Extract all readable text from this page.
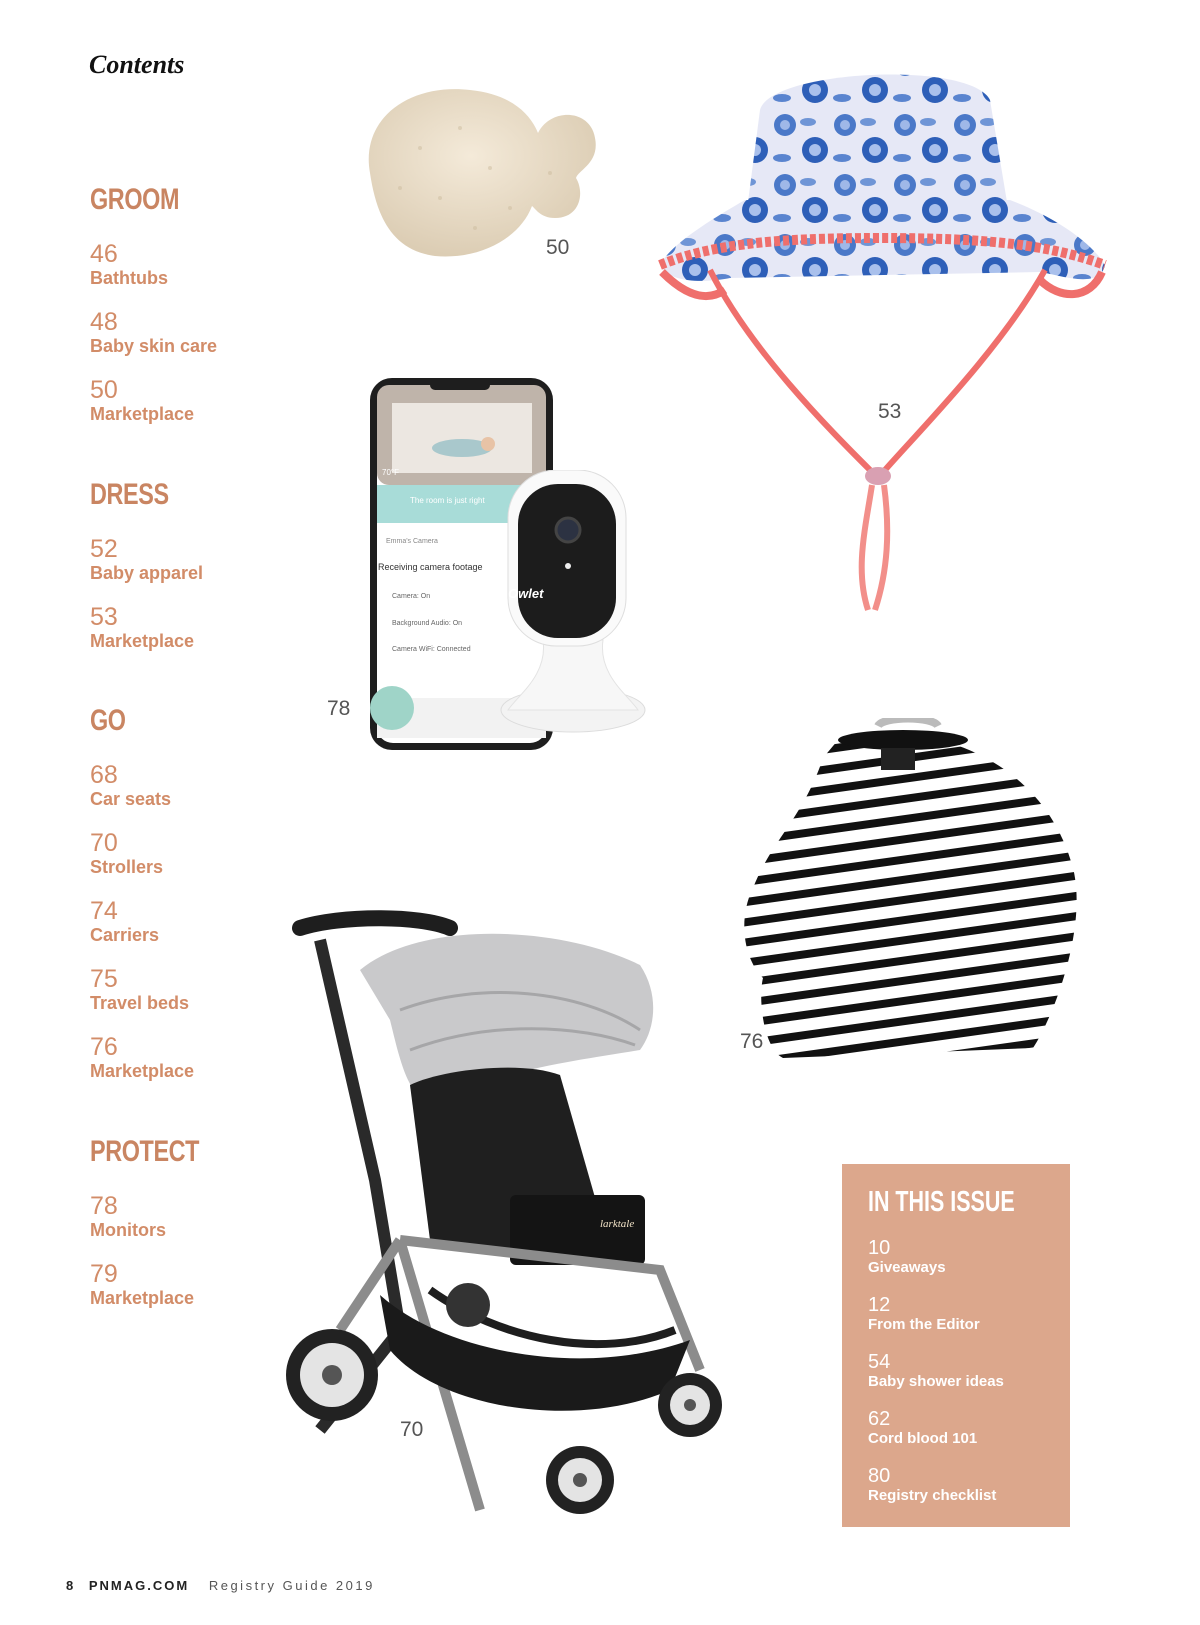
Contents
GROOM
46
Bathtubs
48
Baby skin care
50
Marketplace
DRESS
52
Baby apparel
53
Marketplace
GO
68
Car seats
70
Strollers
74
Carriers
75
Travel beds
76
Marketplace
PROTECT
78
Monitors
79
Marketplace
50
53
70°F
The room is just right
Emma's Camera
Receiving camera footage
Camera: On
Background Audio: On
Camera WiFi: Connected
Owlet
78
76
larktale
70
IN THIS ISSUE
10
Giveaways
12
From the Editor
54
Baby shower ideas
62
Cord blood 101
80
Registry checklist
8 PNMAG.COM Registry Guide 2019
